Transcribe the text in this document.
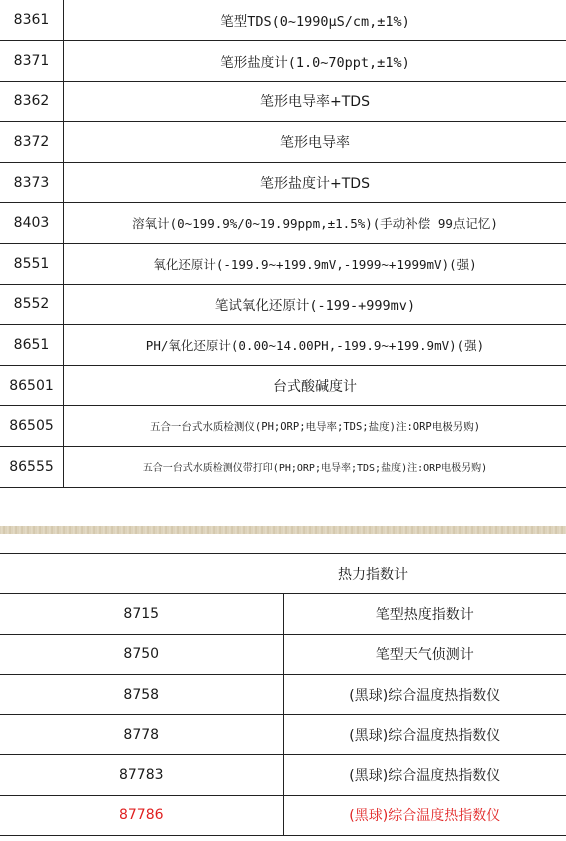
8361	笔型TDS(0~1990μS/cm,±1%)
8371	笔形盐度计(1.0~70ppt,±1%)
8362	笔形电导率+TDS
8372	笔形电导率
8373	笔形盐度计+TDS
8403	溶氧计(0~199.9%/0~19.99ppm,±1.5%)(手动补偿 99点记忆)
8551	氧化还原计(-199.9~+199.9mV,-1999~+1999mV)(强)
8552	笔试氧化还原计(-199-+999mv)
8651	PH/氧化还原计(0.00~14.00PH,-199.9~+199.9mV)(强)
86501	台式酸碱度计
86505	五合一台式水质检测仪(PH;ORP;电导率;TDS;盐度)注:ORP电极另购)
86555	五合一台式水质检测仪带打印(PH;ORP;电导率;TDS;盐度)注:ORP电极另购)
热力指数计	
8715	笔型热度指数计
8750	笔型天气侦测计
8758	(黑球)综合温度热指数仪
8778	(黑球)综合温度热指数仪
87783	(黑球)综合温度热指数仪
87786	(黑球)综合温度热指数仪
